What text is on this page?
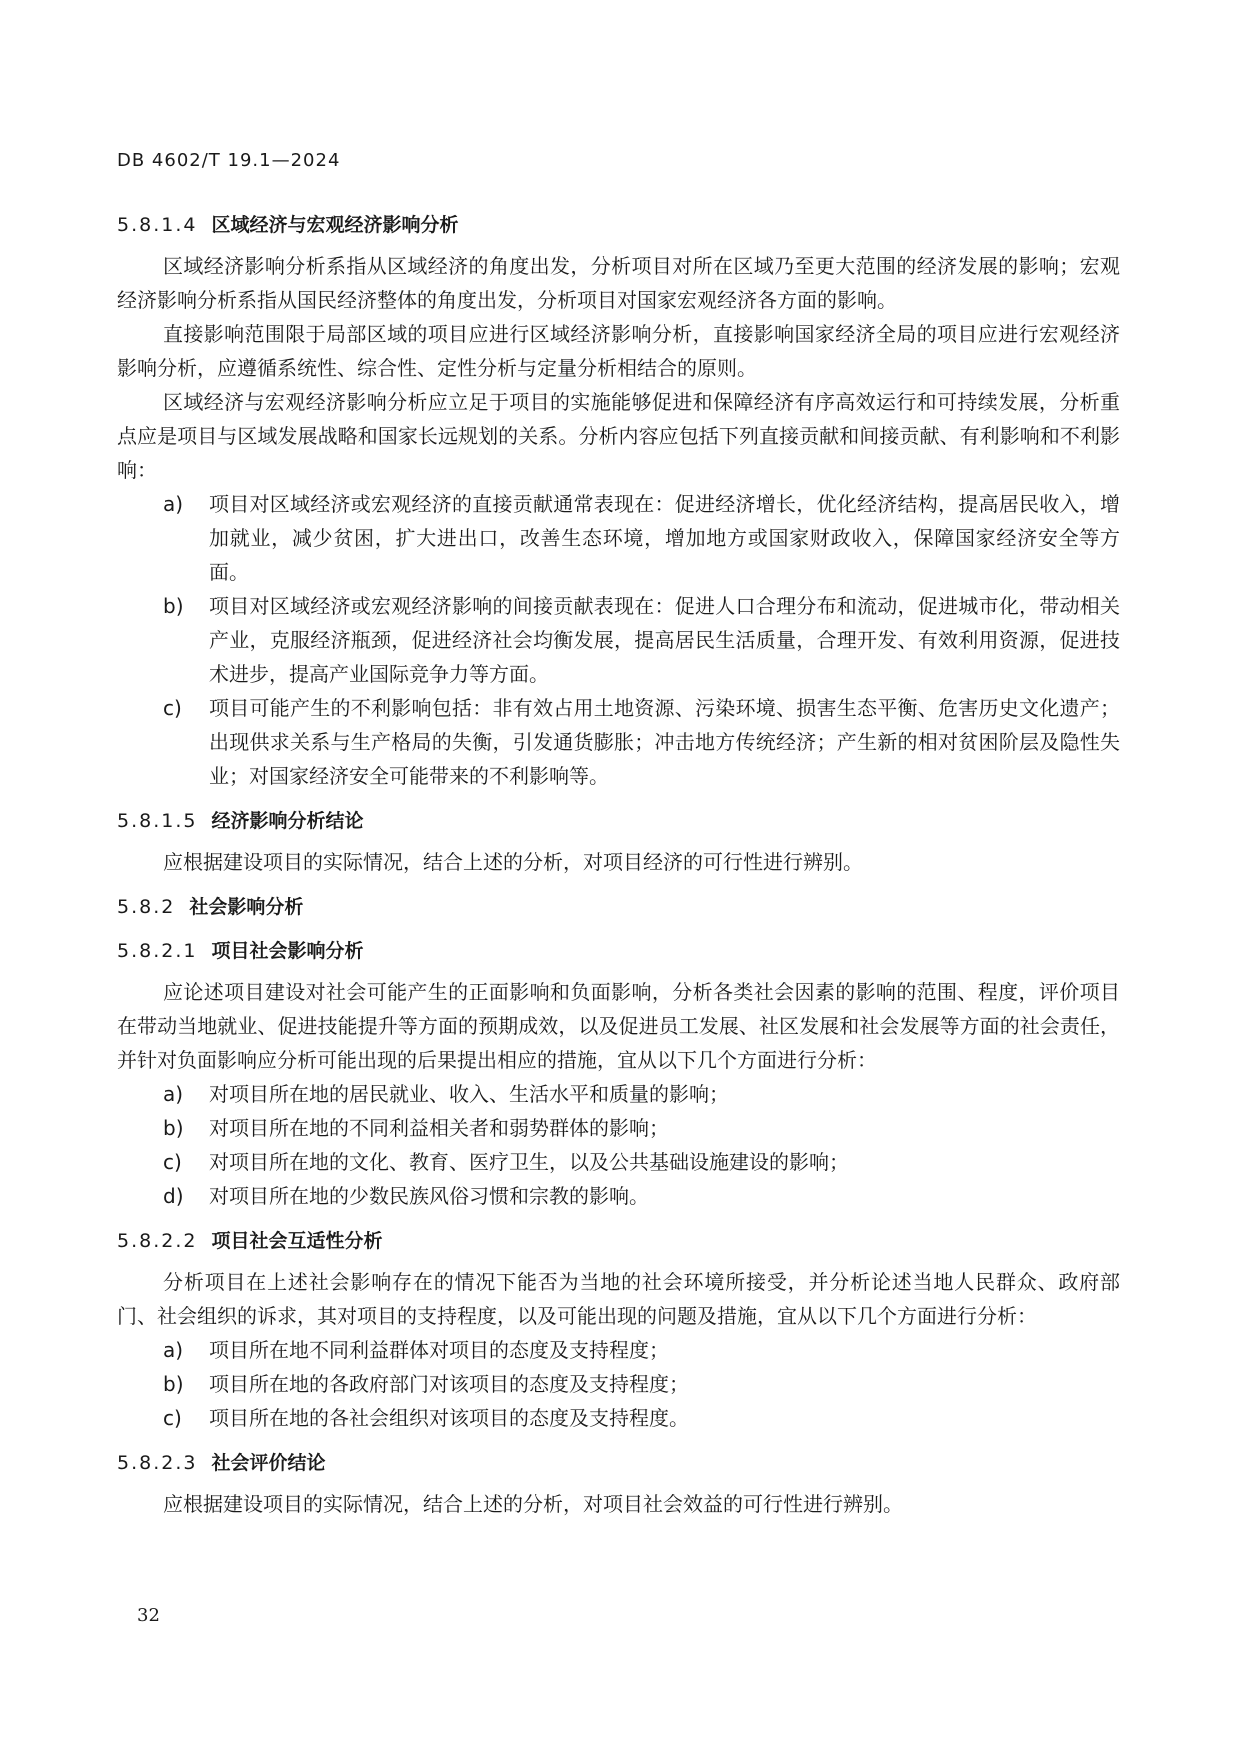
DB 4602/T 19.1—2024
5.8.1.4 区域经济与宏观经济影响分析

区域经济影响分析系指从区域经济的角度出发，分析项目对所在区域乃至更大范围的经济发展的影响；宏观经济影响分析系指从国民经济整体的角度出发，分析项目对国家宏观经济各方面的影响。

直接影响范围限于局部区域的项目应进行区域经济影响分析，直接影响国家经济全局的项目应进行宏观经济影响分析，应遵循系统性、综合性、定性分析与定量分析相结合的原则。

区域经济与宏观经济影响分析应立足于项目的实施能够促进和保障经济有序高效运行和可持续发展，分析重点应是项目与区域发展战略和国家长远规划的关系。分析内容应包括下列直接贡献和间接贡献、有利影响和不利影响：

a) 项目对区域经济或宏观经济的直接贡献通常表现在：促进经济增长，优化经济结构，提高居民收入，增加就业，减少贫困，扩大进出口，改善生态环境，增加地方或国家财政收入，保障国家经济安全等方面。
b) 项目对区域经济或宏观经济影响的间接贡献表现在：促进人口合理分布和流动，促进城市化，带动相关产业，克服经济瓶颈，促进经济社会均衡发展，提高居民生活质量，合理开发、有效利用资源，促进技术进步，提高产业国际竞争力等方面。
c) 项目可能产生的不利影响包括：非有效占用土地资源、污染环境、损害生态平衡、危害历史文化遗产；出现供求关系与生产格局的失衡，引发通货膨胀；冲击地方传统经济；产生新的相对贫困阶层及隐性失业；对国家经济安全可能带来的不利影响等。
5.8.1.5 经济影响分析结论

应根据建设项目的实际情况，结合上述的分析，对项目经济的可行性进行辨别。

5.8.2 社会影响分析
5.8.2.1 项目社会影响分析

应论述项目建设对社会可能产生的正面影响和负面影响，分析各类社会因素的影响的范围、程度，评价项目在带动当地就业、促进技能提升等方面的预期成效，以及促进员工发展、社区发展和社会发展等方面的社会责任，并针对负面影响应分析可能出现的后果提出相应的措施，宜从以下几个方面进行分析：

a) 对项目所在地的居民就业、收入、生活水平和质量的影响；
b) 对项目所在地的不同利益相关者和弱势群体的影响；
c) 对项目所在地的文化、教育、医疗卫生，以及公共基础设施建设的影响；
d) 对项目所在地的少数民族风俗习惯和宗教的影响。
5.8.2.2 项目社会互适性分析

分析项目在上述社会影响存在的情况下能否为当地的社会环境所接受，并分析论述当地人民群众、政府部门、社会组织的诉求，其对项目的支持程度，以及可能出现的问题及措施，宜从以下几个方面进行分析：

a) 项目所在地不同利益群体对项目的态度及支持程度；
b) 项目所在地的各政府部门对该项目的态度及支持程度；
c) 项目所在地的各社会组织对该项目的态度及支持程度。
5.8.2.3 社会评价结论

应根据建设项目的实际情况，结合上述的分析，对项目社会效益的可行性进行辨别。

32
